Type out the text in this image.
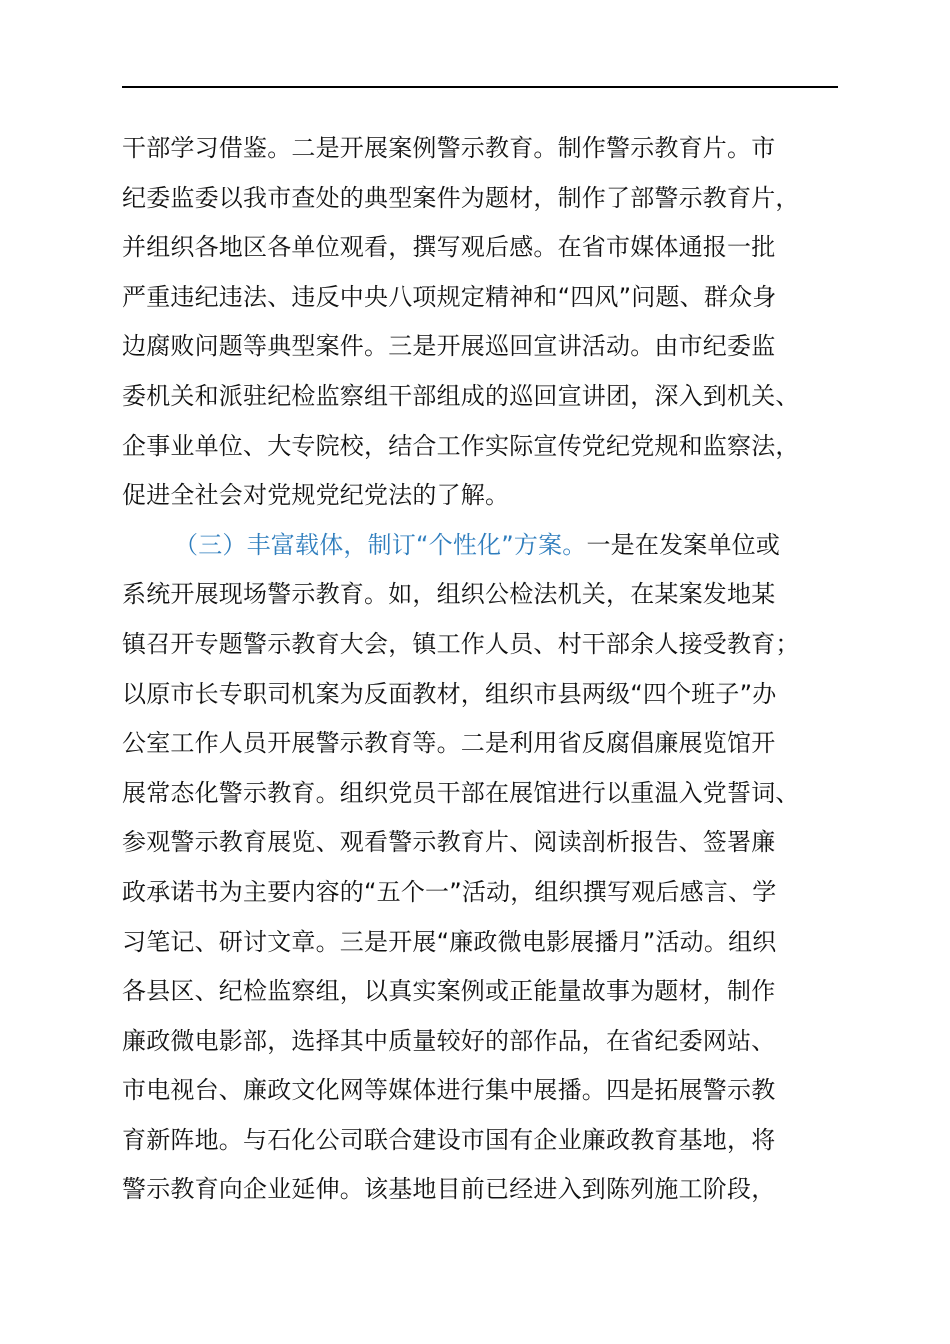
干部学习借鉴。二是开展案例警示教育。制作警示教育片。市
纪委监委以我市查处的典型案件为题材，制作了部警示教育片，
并组织各地区各单位观看，撰写观后感。在省市媒体通报一批
严重违纪违法、违反中央八项规定精神和“四风”问题、群众身
边腐败问题等典型案件。三是开展巡回宣讲活动。由市纪委监
委机关和派驻纪检监察组干部组成的巡回宣讲团，深入到机关、
企事业单位、大专院校，结合工作实际宣传党纪党规和监察法，
促进全社会对党规党纪党法的了解。
（三）丰富载体，制订“个性化”方案。一是在发案单位或
系统开展现场警示教育。如，组织公检法机关，在某案发地某
镇召开专题警示教育大会，镇工作人员、村干部余人接受教育；
以原市长专职司机案为反面教材，组织市县两级“四个班子”办
公室工作人员开展警示教育等。二是利用省反腐倡廉展览馆开
展常态化警示教育。组织党员干部在展馆进行以重温入党誓词、
参观警示教育展览、观看警示教育片、阅读剖析报告、签署廉
政承诺书为主要内容的“五个一”活动，组织撰写观后感言、学
习笔记、研讨文章。三是开展“廉政微电影展播月”活动。组织
各县区、纪检监察组，以真实案例或正能量故事为题材，制作
廉政微电影部，选择其中质量较好的部作品，在省纪委网站、
市电视台、廉政文化网等媒体进行集中展播。四是拓展警示教
育新阵地。与石化公司联合建设市国有企业廉政教育基地，将
警示教育向企业延伸。该基地目前已经进入到陈列施工阶段，
